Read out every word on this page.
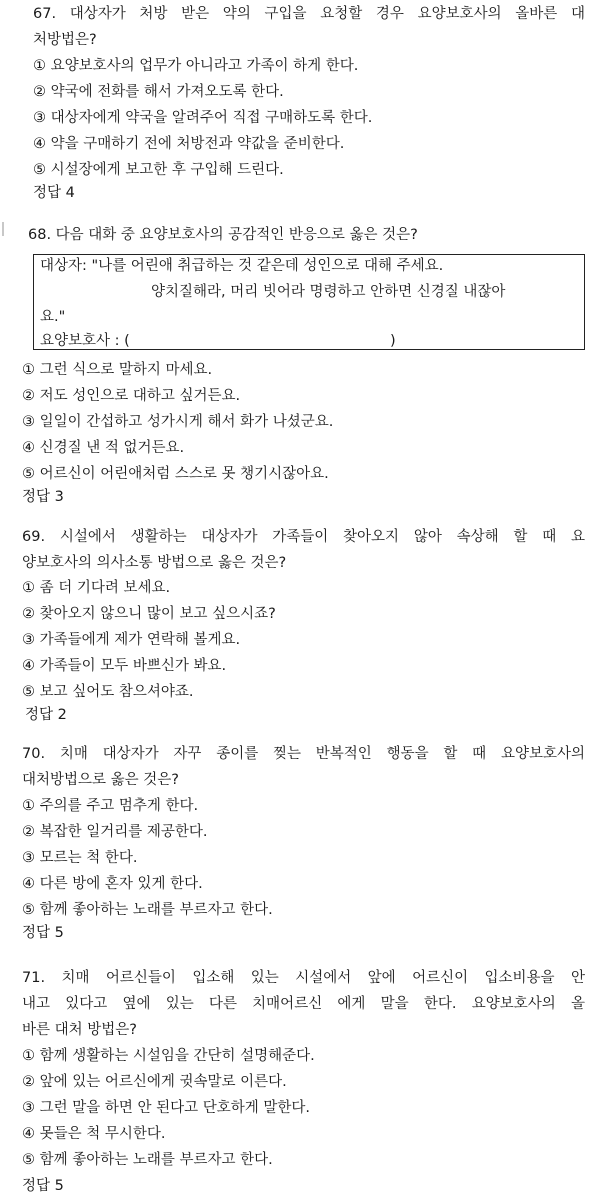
67. 대상자가 처방 받은 약의 구입을 요청할 경우 요양보호사의 올바른 대
처방법은?
① 요양보호사의 업무가 아니라고 가족이 하게 한다.
② 약국에 전화를 해서 가져오도록 한다.
③ 대상자에게 약국을 알려주어 직접 구매하도록 한다.
④ 약을 구매하기 전에 처방전과 약값을 준비한다.
⑤ 시설장에게 보고한 후 구입해 드린다.
정답 4
68. 다음 대화 중 요양보호사의 공감적인 반응으로 옳은 것은?
대상자: "나를 어린애 취급하는 것 같은데 성인으로 대해 주세요.
양치질해라, 머리 빗어라 명령하고 안하면 신경질 내잖아
요."
요양보호사 : (	)
① 그런 식으로 말하지 마세요.
② 저도 성인으로 대하고 싶거든요.
③ 일일이 간섭하고 성가시게 해서 화가 나셨군요.
④ 신경질 낸 적 없거든요.
⑤ 어르신이 어린애처럼 스스로 못 챙기시잖아요.
정답 3
69. 시설에서 생활하는 대상자가 가족들이 찾아오지 않아 속상해 할 때 요
양보호사의 의사소통 방법으로 옳은 것은?
① 좀 더 기다려 보세요.
② 찾아오지 않으니 많이 보고 싶으시죠?
③ 가족들에게 제가 연락해 볼게요.
④ 가족들이 모두 바쁘신가 봐요.
⑤ 보고 싶어도 참으셔야죠.
정답 2
70. 치매 대상자가 자꾸 종이를 찢는 반복적인 행동을 할 때 요양보호사의
대처방법으로 옳은 것은?
① 주의를 주고 멈추게 한다.
② 복잡한 일거리를 제공한다.
③ 모르는 척 한다.
④ 다른 방에 혼자 있게 한다.
⑤ 함께 좋아하는 노래를 부르자고 한다.
정답 5
71. 치매 어르신들이 입소해 있는 시설에서 앞에 어르신이 입소비용을 안
내고 있다고 옆에 있는 다른 치매어르신 에게 말을 한다. 요양보호사의 올
바른 대처 방법은?
① 함께 생활하는 시설임을 간단히 설명해준다.
② 앞에 있는 어르신에게 귓속말로 이른다.
③ 그런 말을 하면 안 된다고 단호하게 말한다.
④ 못들은 척 무시한다.
⑤ 함께 좋아하는 노래를 부르자고 한다.
정답 5
